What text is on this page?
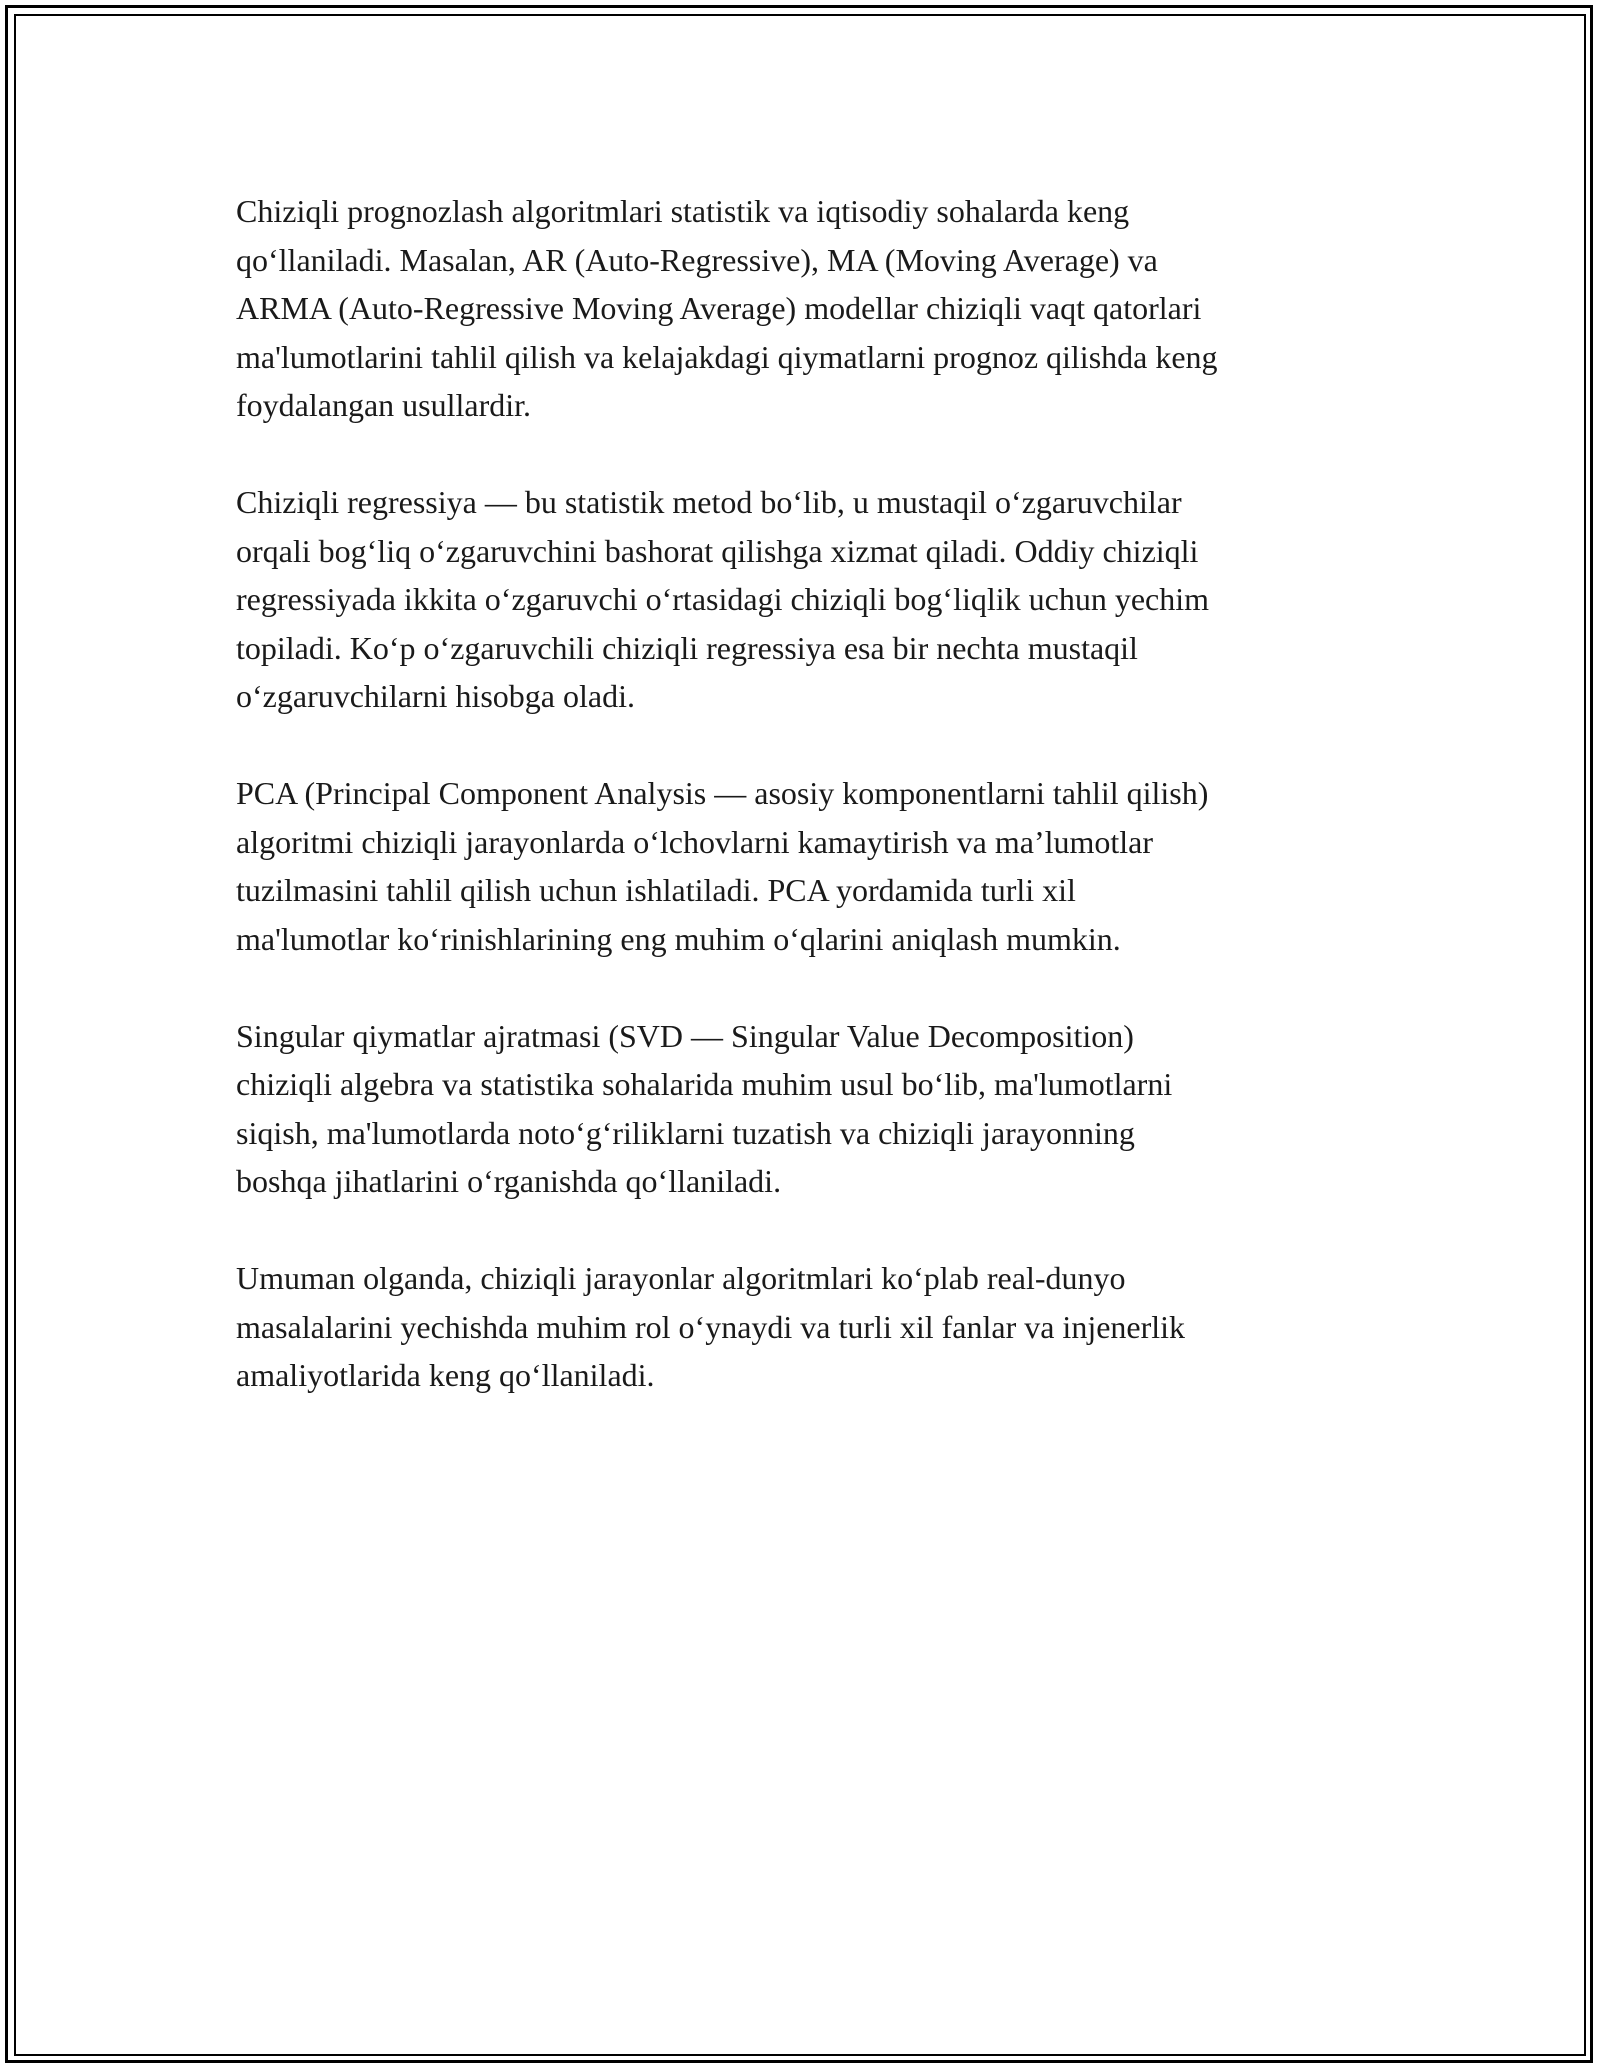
Chiziqli prognozlash algoritmlari statistik va iqtisodiy sohalarda keng
qo‘llaniladi. Masalan, AR (Auto-Regressive), MA (Moving Average) va
ARMA (Auto-Regressive Moving Average) modellar chiziqli vaqt qatorlari
ma'lumotlarini tahlil qilish va kelajakdagi qiymatlarni prognoz qilishda keng
foydalangan usullardir.

Chiziqli regressiya — bu statistik metod bo‘lib, u mustaqil o‘zgaruvchilar
orqali bog‘liq o‘zgaruvchini bashorat qilishga xizmat qiladi. Oddiy chiziqli
regressiyada ikkita o‘zgaruvchi o‘rtasidagi chiziqli bog‘liqlik uchun yechim
topiladi. Ko‘p o‘zgaruvchili chiziqli regressiya esa bir nechta mustaqil
o‘zgaruvchilarni hisobga oladi.

PCA (Principal Component Analysis — asosiy komponentlarni tahlil qilish)
algoritmi chiziqli jarayonlarda o‘lchovlarni kamaytirish va ma’lumotlar
tuzilmasini tahlil qilish uchun ishlatiladi. PCA yordamida turli xil
ma'lumotlar ko‘rinishlarining eng muhim o‘qlarini aniqlash mumkin.

Singular qiymatlar ajratmasi (SVD — Singular Value Decomposition)
chiziqli algebra va statistika sohalarida muhim usul bo‘lib, ma'lumotlarni
siqish, ma'lumotlarda noto‘g‘riliklarni tuzatish va chiziqli jarayonning
boshqa jihatlarini o‘rganishda qo‘llaniladi.

Umuman olganda, chiziqli jarayonlar algoritmlari ko‘plab real-dunyo
masalalarini yechishda muhim rol o‘ynaydi va turli xil fanlar va injenerlik
amaliyotlarida keng qo‘llaniladi.
